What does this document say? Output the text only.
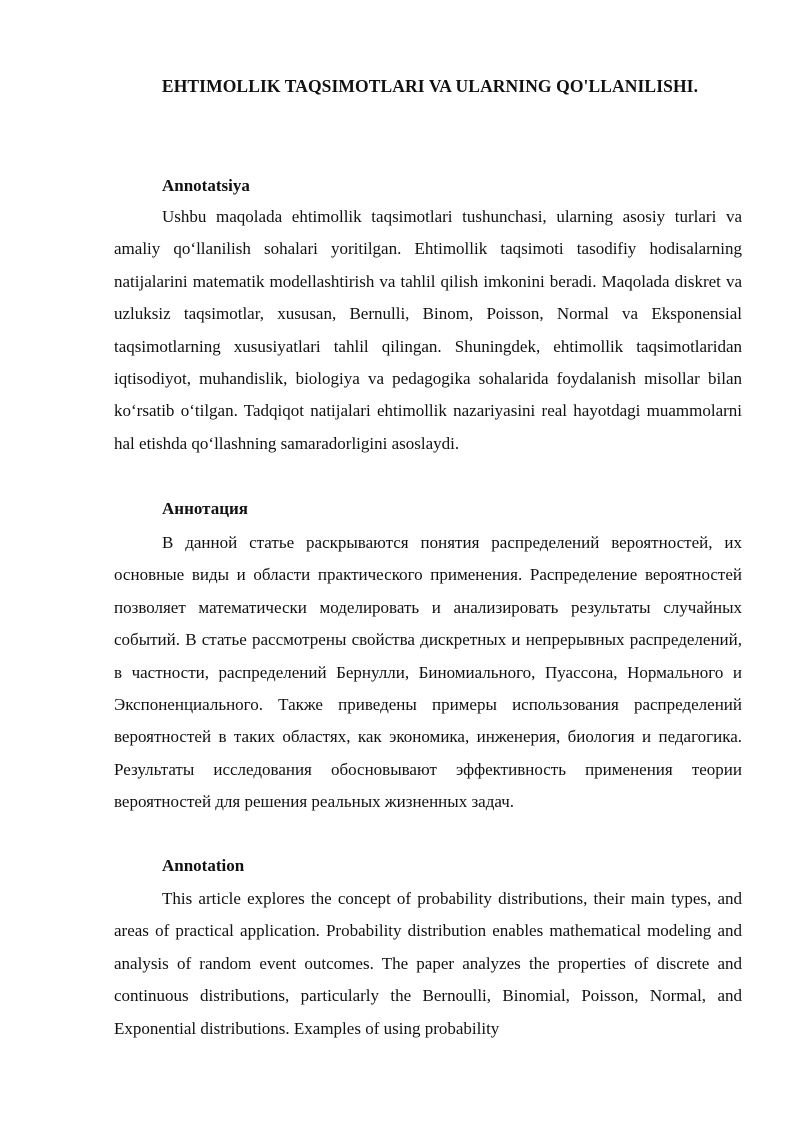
EHTIMOLLIK TAQSIMOTLARI VA ULARNING QO'LLANILISHI.
Annotatsiya

Ushbu maqolada ehtimollik taqsimotlari tushunchasi, ularning asosiy turlari va amaliy qo‘llanilish sohalari yoritilgan. Ehtimollik taqsimoti tasodifiy hodisalarning natijalarini matematik modellashtirish va tahlil qilish imkonini beradi. Maqolada diskret va uzluksiz taqsimotlar, xususan, Bernulli, Binom, Poisson, Normal va Eksponensial taqsimotlarning xususiyatlari tahlil qilingan. Shuningdek, ehtimollik taqsimotlaridan iqtisodiyot, muhandislik, biologiya va pedagogika sohalarida foydalanish misollar bilan ko‘rsatib o‘tilgan. Tadqiqot natijalari ehtimollik nazariyasini real hayotdagi muammolarni hal etishda qo‘llashning samaradorligini asoslaydi.

Аннотация

В данной статье раскрываются понятия распределений вероятностей, их основные виды и области практического применения. Распределение вероятностей позволяет математически моделировать и анализировать результаты случайных событий. В статье рассмотрены свойства дискретных и непрерывных распределений, в частности, распределений Бернулли, Биномиального, Пуассона, Нормального и Экспоненциального. Также приведены примеры использования распределений вероятностей в таких областях, как экономика, инженерия, биология и педагогика. Результаты исследования обосновывают эффективность применения теории вероятностей для решения реальных жизненных задач.

Annotation

This article explores the concept of probability distributions, their main types, and areas of practical application. Probability distribution enables mathematical modeling and analysis of random event outcomes. The paper analyzes the properties of discrete and continuous distributions, particularly the Bernoulli, Binomial, Poisson, Normal, and Exponential distributions. Examples of using probability
